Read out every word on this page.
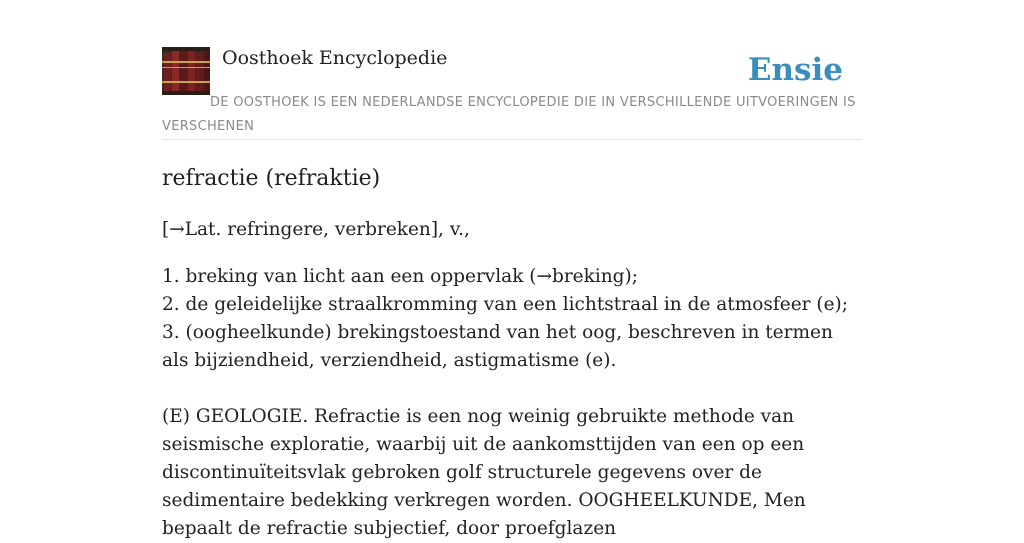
Oosthoek Encyclopedie	Ensie
DE OOSTHOEK IS EEN NEDERLANDSE ENCYCLOPEDIE DIE IN VERSCHILLENDE UITVOERINGEN IS VERSCHENEN
refractie (refraktie)

[→Lat. refringere, verbreken], v.,

1. breking van licht aan een oppervlak (→breking);
2. de geleidelijke straalkromming van een lichtstraal in de atmosfeer (e);
3. (oogheelkunde) brekingstoestand van het oog, beschreven in termen als bijziendheid, verziendheid, astigmatisme (e).

(E) GEOLOGIE. Refractie is een nog weinig gebruikte methode van seismische exploratie, waarbij uit de aankomsttijden van een op een discontinuïteitsvlak gebroken golf structurele gegevens over de sedimentaire bedekking verkregen worden. OOGHEELKUNDE, Men bepaalt de refractie subjectief, door proefglazen
